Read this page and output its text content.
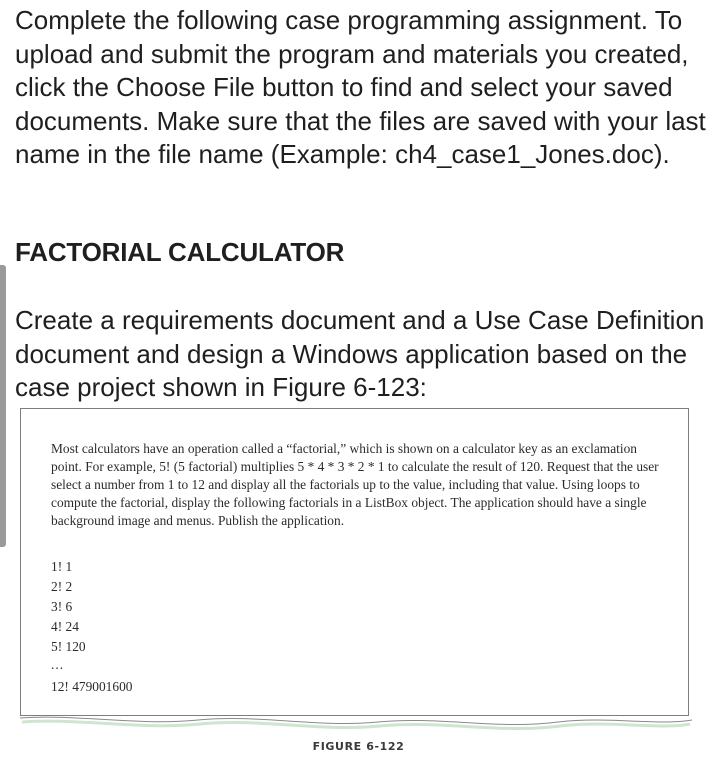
Complete the following case programming assignment. To upload and submit the program and materials you created, click the Choose File button to find and select your saved documents. Make sure that the files are saved with your last name in the file name (Example: ch4_case1_Jones.doc).

FACTORIAL CALCULATOR

Create a requirements document and a Use Case Definition document and design a Windows application based on the case project shown in Figure 6-123:

Most calculators have an operation called a “factorial,” which is shown on a calculator key as an exclamation point. For example, 5! (5 factorial) multiplies 5 * 4 * 3 * 2 * 1 to calculate the result of 120. Request that the user select a number from 1 to 12 and display all the factorials up to the value, including that value. Using loops to compute the factorial, display the following factorials in a ListBox object. The application should have a single background image and menus. Publish the application.

1! 1
2! 2
3! 6
4! 24
5! 120
...
12! 479001600
FIGURE 6-122
